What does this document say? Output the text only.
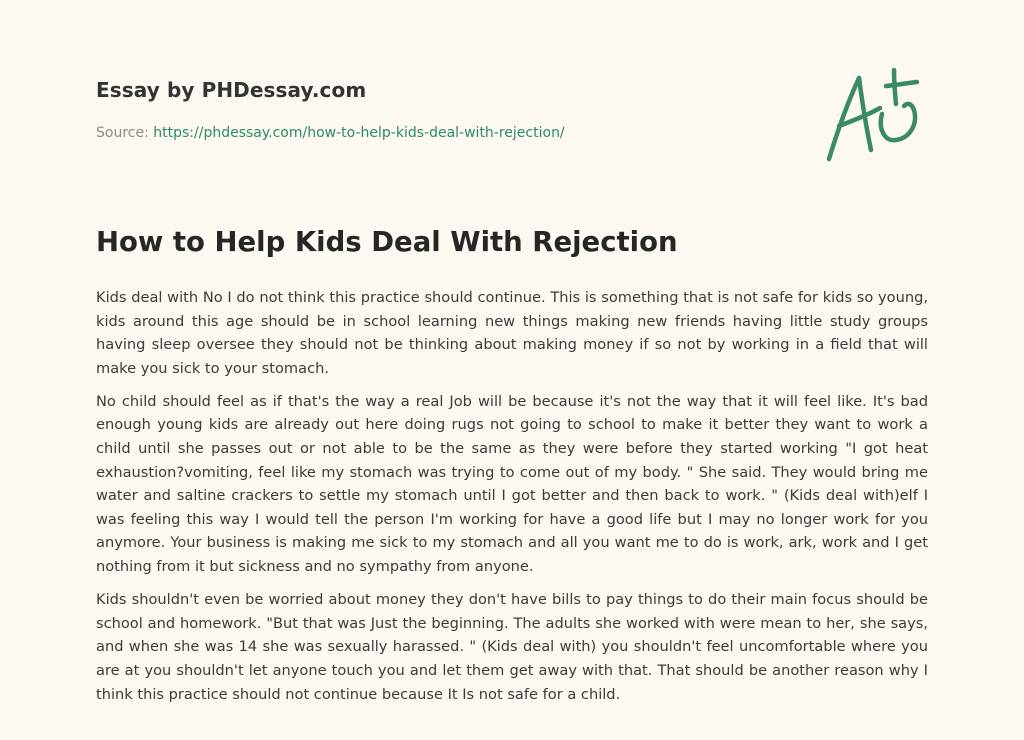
Essay by PHDessay.com
Source: https://phdessay.com/how-to-help-kids-deal-with-rejection/
How to Help Kids Deal With Rejection

Kids deal with No I do not think this practice should continue. This is something that is not safe for kids so young, kids around this age should be in school learning new things making new friends having little study groups having sleep oversee they should not be thinking about making money if so not by working in a field that will make you sick to your stomach.

No child should feel as if that's the way a real Job will be because it's not the way that it will feel like. It's bad enough young kids are already out here doing rugs not going to school to make it better they want to work a child until she passes out or not able to be the same as they were before they started working "I got heat exhaustion?vomiting, feel like my stomach was trying to come out of my body. " She said. They would bring me water and saltine crackers to settle my stomach until I got better and then back to work. " (Kids deal with)elf I was feeling this way I would tell the person I'm working for have a good life but I may no longer work for you anymore. Your business is making me sick to my stomach and all you want me to do is work, ark, work and I get nothing from it but sickness and no sympathy from anyone.

Kids shouldn't even be worried about money they don't have bills to pay things to do their main focus should be school and homework. "But that was Just the beginning. The adults she worked with were mean to her, she says, and when she was 14 she was sexually harassed. " (Kids deal with) you shouldn't feel uncomfortable where you are at you shouldn't let anyone touch you and let them get away with that. That should be another reason why I think this practice should not continue because It Is not safe for a child.
